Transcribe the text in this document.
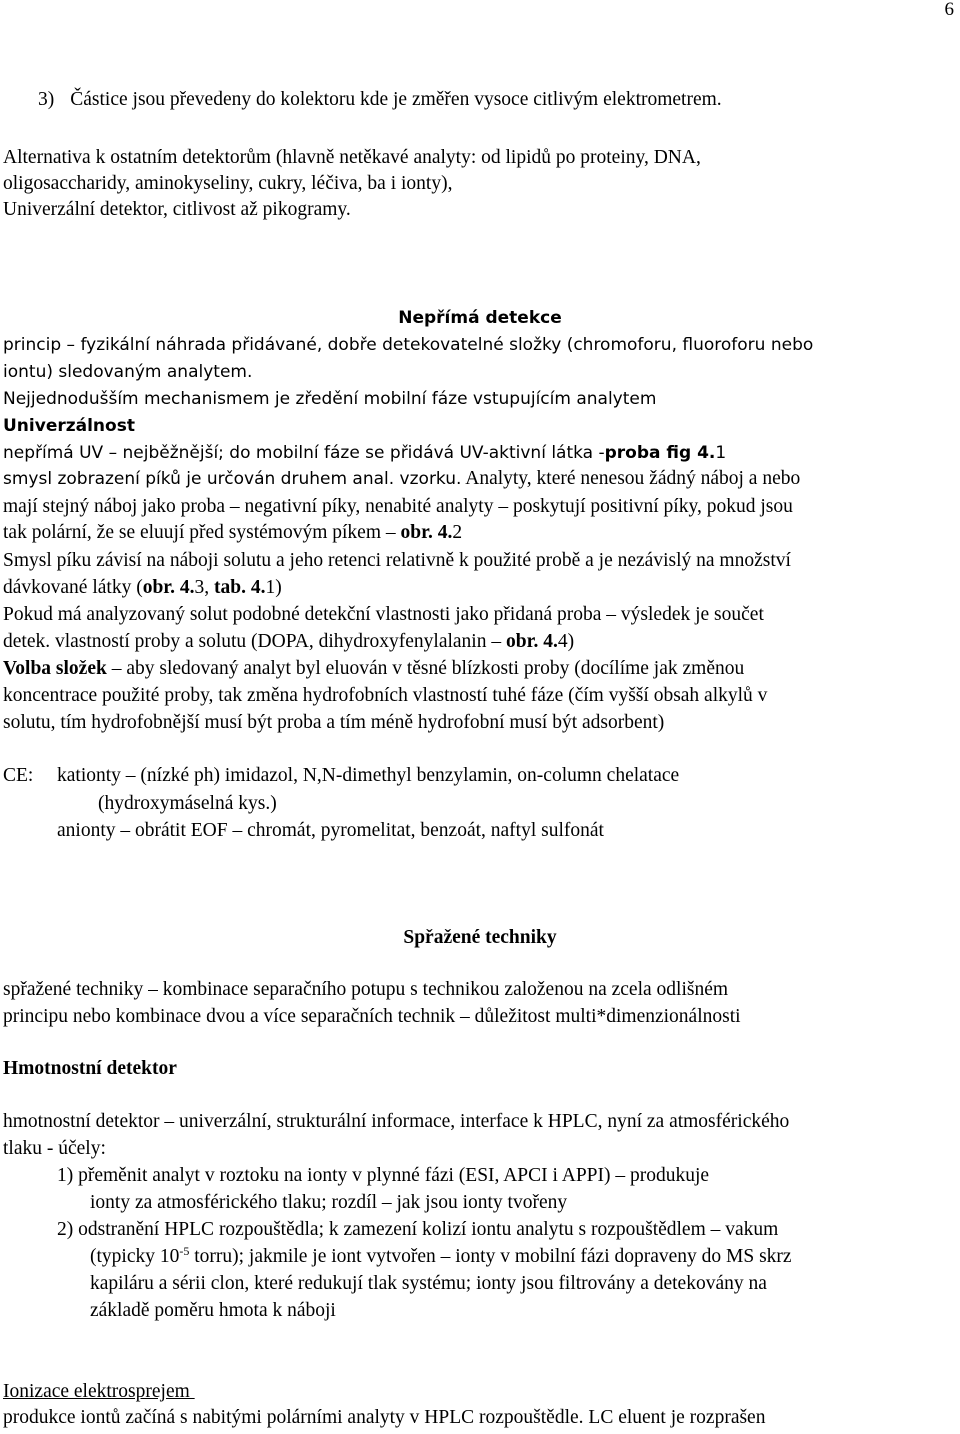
6
3) Částice jsou převedeny do kolektoru kde je změřen vysoce citlivým elektrometrem.
Alternativa k ostatním detektorům (hlavně netěkavé analyty: od lipidů po proteiny, DNA,
oligosaccharidy, aminokyseliny, cukry, léčiva, ba i ionty),
Univerzální detektor, citlivost až pikogramy.
Nepřímá detekce
princip – fyzikální náhrada přidávané, dobře detekovatelné složky (chromoforu, fluoroforu nebo
iontu) sledovaným analytem.
Nejjednodušším mechanismem je zředění mobilní fáze vstupujícím analytem
Univerzálnost
nepřímá UV – nejběžnější; do mobilní fáze se přidává UV-aktivní látka -proba fig 4.1
smysl zobrazení píků je určován druhem anal. vzorku. Analyty, které nenesou žádný náboj a nebo
mají stejný náboj jako proba – negativní píky, nenabité analyty – poskytují positivní píky, pokud jsou
tak polární, že se eluují před systémovým píkem – obr. 4.2
Smysl píku závisí na náboji solutu a jeho retenci relativně k použité probě a je nezávislý na množství
dávkované látky (obr. 4.3, tab. 4.1)
Pokud má analyzovaný solut podobné detekční vlastnosti jako přidaná proba – výsledek je součet
detek. vlastností proby a solutu (DOPA, dihydroxyfenylalanin – obr. 4.4)
Volba složek – aby sledovaný analyt byl eluován v těsné blízkosti proby (docílíme jak změnou
koncentrace použité proby, tak změna hydrofobních vlastností tuhé fáze (čím vyšší obsah alkylů v
solutu, tím hydrofobnější musí být proba a tím méně hydrofobní musí být adsorbent)
CE: kationty – (nízké ph) imidazol, N,N-dimethyl benzylamin, on-column chelatace
(hydroxymáselná kys.)
anionty – obrátit EOF – chromát, pyromelitat, benzoát, naftyl sulfonát
Spřažené techniky
spřažené techniky – kombinace separačního potupu s technikou založenou na zcela odlišném
principu nebo kombinace dvou a více separačních technik – důležitost multi*dimenzionálnosti
Hmotnostní detektor
hmotnostní detektor – univerzální, strukturální informace, interface k HPLC, nyní za atmosférického
tlaku - účely:
1) přeměnit analyt v roztoku na ionty v plynné fázi (ESI, APCI i APPI) – produkuje
ionty za atmosférického tlaku; rozdíl – jak jsou ionty tvořeny
2) odstranění HPLC rozpouštědla; k zamezení kolizí iontu analytu s rozpouštědlem – vakum
(typicky $10^{-5}$ torru); jakmile je iont vytvořen – ionty v mobilní fázi dopraveny do MS skrz
kapiláru a sérii clon, které redukují tlak systému; ionty jsou filtrovány a detekovány na
základě poměru hmota k náboji
Ionizace elektrosprejem
produkce iontů začíná s nabitými polárními analyty v HPLC rozpouštědle. LC eluent je rozprašen
